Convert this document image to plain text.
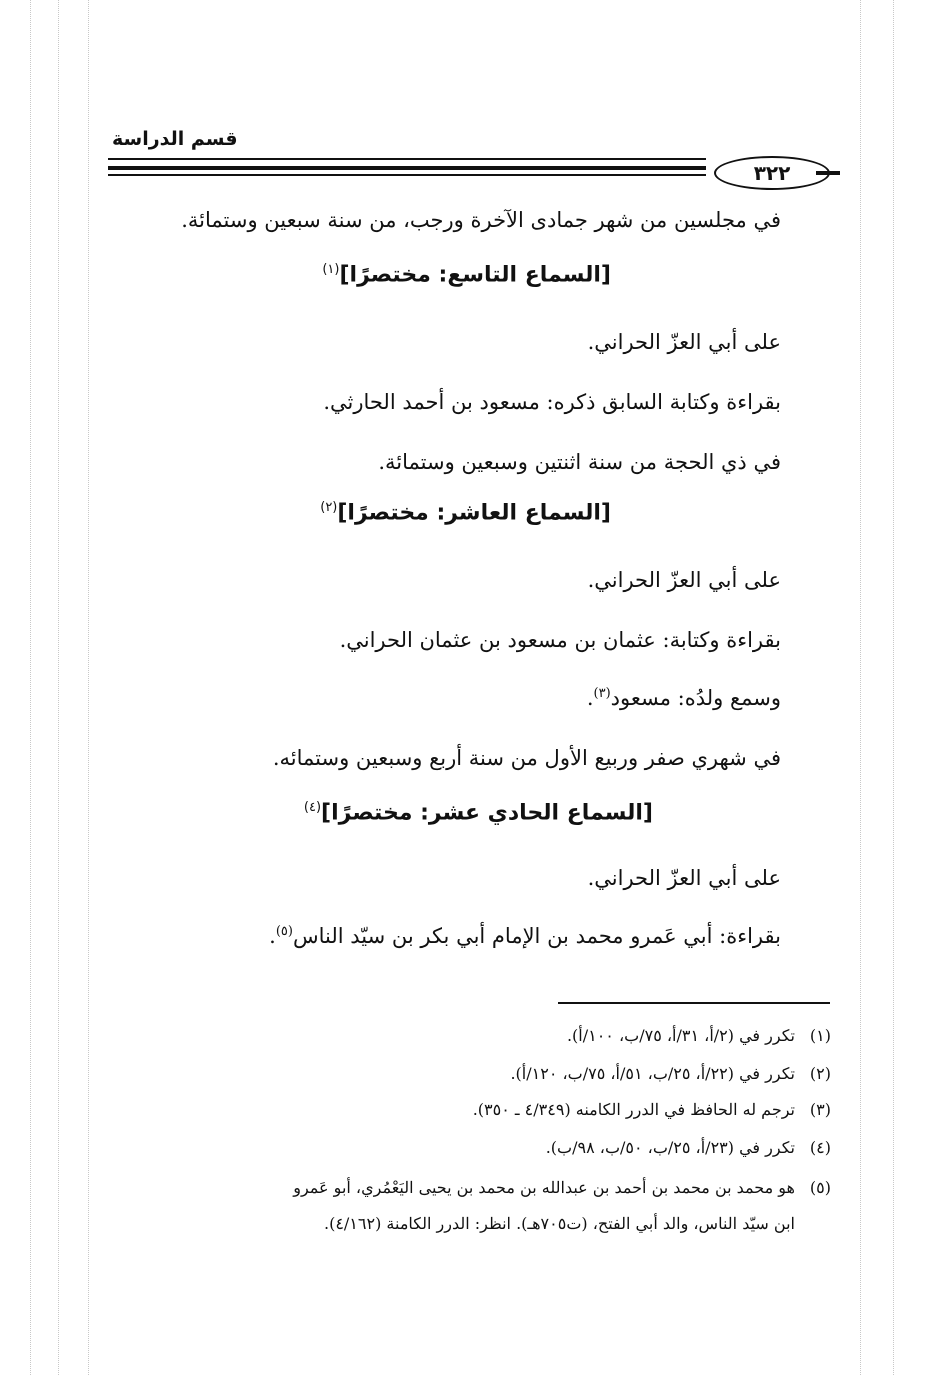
قسم الدراسة
٣٢٢
في مجلسين من شهر جمادى الآخرة ورجب، من سنة سبعين وستمائة.
[السماع التاسع: مختصرًا]$^{(١)}$
على أبي العزّ الحراني.
بقراءة وكتابة السابق ذكره: مسعود بن أحمد الحارثي.
في ذي الحجة من سنة اثنتين وسبعين وستمائة.
[السماع العاشر: مختصرًا]$^{(٢)}$
على أبي العزّ الحراني.
بقراءة وكتابة: عثمان بن مسعود بن عثمان الحراني.
وسمع ولدُه: مسعود$^{(٣)}$.
في شهري صفر وربيع الأول من سنة أربع وسبعين وستمائه.
[السماع الحادي عشر: مختصرًا]$^{(٤)}$
على أبي العزّ الحراني.
بقراءة: أبي عَمرو محمد بن الإمام أبي بكر بن سيّد الناس$^{(٥)}$.
(١)تكرر في (٢/أ، ٣١/أ، ٧٥/ب، ١٠٠/أ).
(٢)تكرر في (٢٢/أ، ٢٥/ب، ٥١/أ، ٧٥/ب، ١٢٠/أ).
(٣)ترجم له الحافظ في الدرر الكامنه (٤/٣٤٩ ـ ٣٥٠).
(٤)تكرر في (٢٣/أ، ٢٥/ب، ٥٠/ب، ٩٨/ب).
(٥)هو محمد بن محمد بن أحمد بن عبدالله بن محمد بن يحيى اليَعْمُري، أبو عَمرو
ابن سيّد الناس، والد أبي الفتح، (ت٧٠٥هـ). انظر: الدرر الكامنة (٤/١٦٢).
